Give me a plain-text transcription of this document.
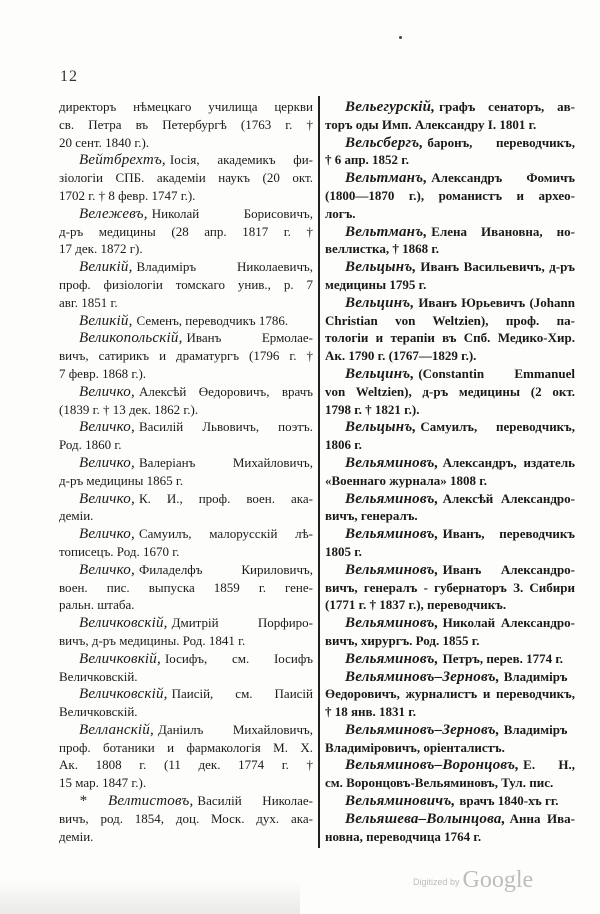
12
директоръ нѣмецкаго училища церкви
св. Петра въ Петербургѣ (1763 г. †
20 сент. 1840 г.).
Вейтбрехтъ, Іосія, академикъ фи-
зіологіи СПБ. академіи наукъ (20 окт.
1702 г. † 8 февр. 1747 г.).
Вележевъ, Николай Борисовичъ,
д-ръ медицины (28 апр. 1817 г. †
17 дек. 1872 г).
Великій, Владиміръ Николаевичъ,
проф. физіологіи томскаго унив., р. 7
авг. 1851 г.
Великій, Семенъ, переводчикъ 1786.
Великопольскій, Иванъ Ермолае-
вичъ, сатирикъ и драматургъ (1796 г. †
7 февр. 1868 г.).
Величко, Алексѣй Өедоровичъ, врачъ
(1839 г. † 13 дек. 1862 г.).
Величко, Василій Львовичъ, поэтъ.
Род. 1860 г.
Величко, Валеріанъ Михайловичъ,
д-ръ медицины 1865 г.
Величко, К. И., проф. воен. ака-
деміи.
Величко, Самуилъ, малорусскій лѣ-
тописецъ. Род. 1670 г.
Величко, Филаделфъ Кириловичъ,
воен. пис. выпуска 1859 г. гене-
ральн. штаба.
Величковскій, Дмитрій Порфиро-
вичъ, д-ръ медицины. Род. 1841 г.
Величковкій, Іосифъ, см. Іосифъ
Величковскій.
Величковскій, Паисій, см. Паисій
Величковскій.
Велланскій, Даніилъ Михайловичъ,
проф. ботаники и фармакологія М. Х.
Ак. 1808 г. (11 дек. 1774 г. †
15 мар. 1847 г.).
* Велтистовъ, Василій Николае-
вичъ, род. 1854, доц. Моск. дух. ака-
деміи.
Вельегурскій, графъ сенаторъ, ав-
торъ оды Имп. Александру I. 1801 г.
Вельсбергъ, баронъ, переводчикъ,
† 6 апр. 1852 г.
Вельтманъ, Александръ Фомичъ
(1800—1870 г.), романистъ и археo-
логъ.
Вельтманъ, Елена Ивановна, но-
веллистка, † 1868 г.
Вельцынъ, Иванъ Васильевичъ, д-ръ
медицины 1795 г.
Вельцинъ, Иванъ Юрьевичъ (Johann
Christian von Weltzien), проф. па-
тологіи и терапіи въ Спб. Медико-Хир.
Ак. 1790 г. (1767—1829 г.).
Вельцинъ, (Constantin Emmanuel
von Weltzien), д-ръ медицины (2 окт.
1798 г. † 1821 г.).
Вельцынъ, Самуилъ, переводчикъ,
1806 г.
Вельяминовъ, Александръ, издатель
«Военнаго журнала» 1808 г.
Вельяминовъ, Алексѣй Александро-
вичъ, генералъ.
Вельяминовъ, Иванъ, переводчикъ
1805 г.
Вельяминовъ, Иванъ Александро-
вичъ, генералъ - губернаторъ З. Сибири
(1771 г. † 1837 г.), переводчикъ.
Вельяминовъ, Николай Александро-
вичъ, хирургъ. Род. 1855 г.
Вельяминовъ, Петръ, перев. 1774 г.
Вельяминовъ–Зерновъ, Владиміръ
Өедоровичъ, журналистъ и переводчикъ,
† 18 янв. 1831 г.
Вельяминовъ–Зерновъ, Владиміръ
Владиміровичъ, оріенталистъ.
Вельяминовъ–Воронцовъ, Е. Н.,
см. Воронцовъ-Вельяминовъ, Тул. пис.
Вельяминовичъ, врачъ 1840-хъ гг.
Вельяшева–Волынцова, Анна Ива-
новна, переводчица 1764 г.
Digitized by Google
